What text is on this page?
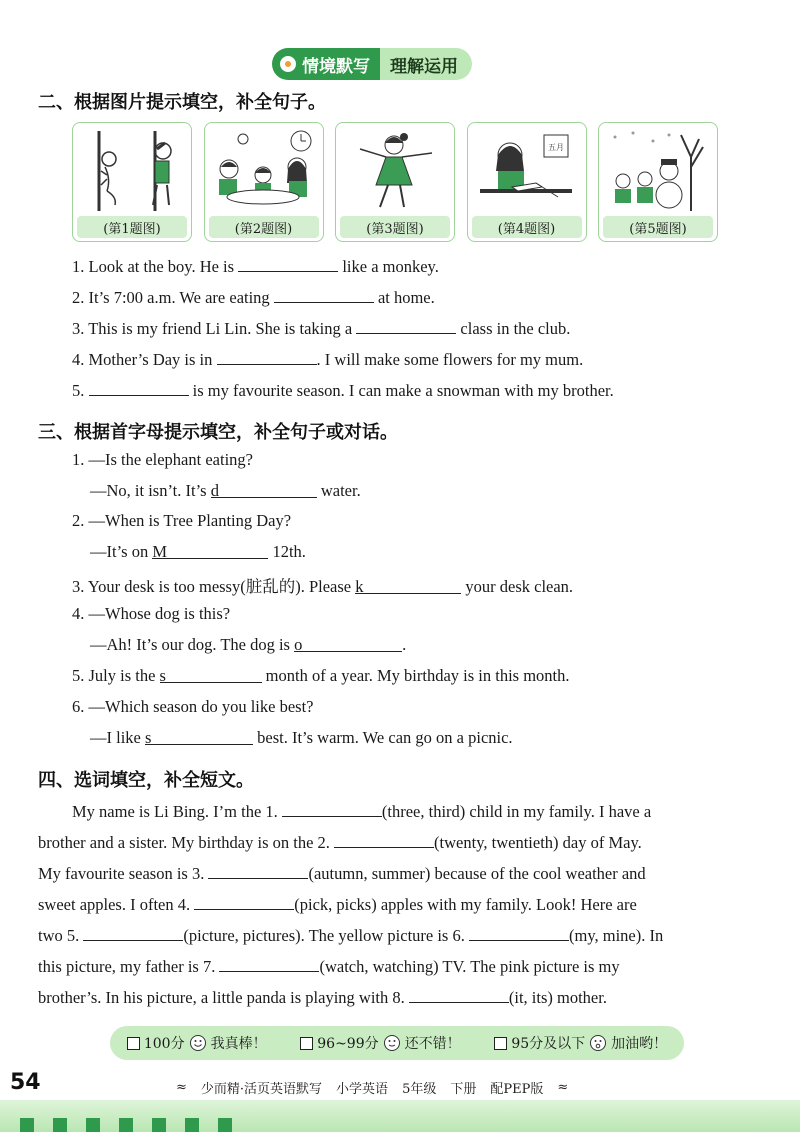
情境默写 理解运用
二、根据图片提示填空，补全句子。
(第1题图)	(第2题图)	(第3题图)
五月
(第4题图)	(第5题图)
1. Look at the boy. He is	like a monkey.
2. It’s 7:00 a.m. We are eating	at home.
3. This is my friend Li Lin. She is taking a	class in the club.
4. Mother’s Day is in	. I will make some flowers for my mum.
5.	is my favourite season. I can make a snowman with my brother.
三、根据首字母提示填空，补全句子或对话。
1. —Is the elephant eating?
—No, it isn’t. It’s d	water.
2. —When is Tree Planting Day?
—It’s on M	12th.
3. Your desk is too messy(脏乱的). Please k	your desk clean.
4. —Whose dog is this?
—Ah! It’s our dog. The dog is o	.
5. July is the s	month of a year. My birthday is in this month.
6. —Which season do you like best?
—I like s	best. It’s warm. We can go on a picnic.
四、选词填空，补全短文。
My name is Li Bing. I’m the 1.	(three, third) child in my family. I have a
brother and a sister. My birthday is on the 2.	(twenty, twentieth) day of May.
My favourite season is 3.	(autumn, summer) because of the cool weather and
sweet apples. I often 4.	(pick, picks) apples with my family. Look! Here are
two 5.	(picture, pictures). The yellow picture is 6.	(my, mine). In
this picture, my father is 7.	(watch, watching) TV. The pink picture is my
brother’s. In his picture, a little panda is playing with 8.	(it, its) mother.
100分 我真棒！	96~99分 还不错！	95分及以下 加油哟！
54	≈ 少而精·活页英语默写 小学英语 5年级 下册 配PEP版 ≈
